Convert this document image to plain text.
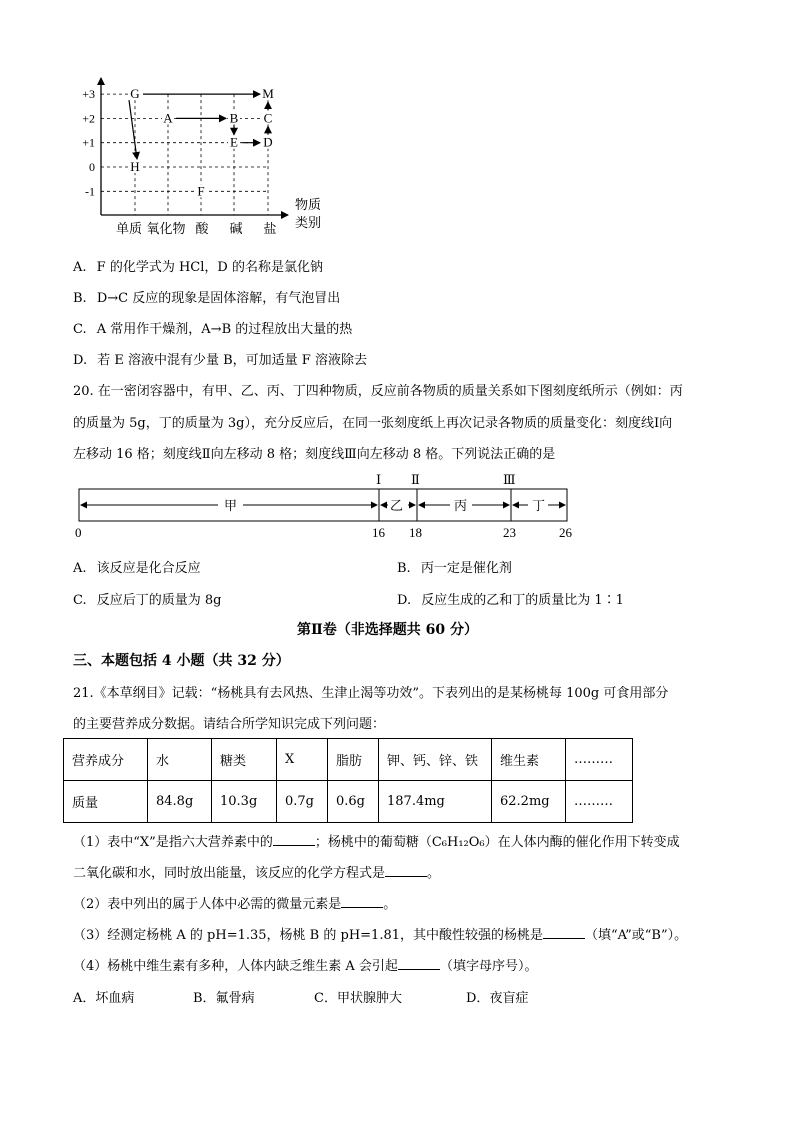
+3
+2
+1
0
-1
单质 氧化物 酸 碱 盐
物质
类别
G	M
A	B C
E D
H
F
A. F 的化学式为 HCl，D 的名称是氯化钠
B. D→C 反应的现象是固体溶解，有气泡冒出
C. A 常用作干燥剂，A→B 的过程放出大量的热
D. 若 E 溶液中混有少量 B，可加适量 F 溶液除去
20. 在一密闭容器中，有甲、乙、丙、丁四种物质，反应前各物质的质量关系如下图刻度纸所示（例如：丙
的质量为 5g，丁的质量为 3g），充分反应后，在同一张刻度纸上再次记录各物质的质量变化：刻度线Ⅰ向
左移动 16 格；刻度线Ⅱ向左移动 8 格；刻度线Ⅲ向左移动 8 格。下列说法正确的是
Ⅰ Ⅱ	Ⅲ
甲	乙	丙	丁
0	16 18	23	26
A. 该反应是化合反应	B. 丙一定是催化剂
C. 反应后丁的质量为 8g	D. 反应生成的乙和丁的质量比为 1∶1
第Ⅱ卷（非选择题共 60 分）
三、本题包括 4 小题（共 32 分）
21.《本草纲目》记载：“杨桃具有去风热、生津止渴等功效”。下表列出的是某杨桃每 100g 可食用部分
的主要营养成分数据。请结合所学知识完成下列问题：
营养成分	水	糖类	X	脂肪	钾、钙、锌、铁	维生素	………
质量	84.8g	10.3g	0.7g	0.6g	187.4mg	62.2mg	………
（1）表中“X”是指六大营养素中的	；杨桃中的葡萄糖（C₆H₁₂O₆）在人体内酶的催化作用下转变成
二氧化碳和水，同时放出能量，该反应的化学方程式是	。
（2）表中列出的属于人体中必需的微量元素是	。
（3）经测定杨桃 A 的 pH=1.35，杨桃 B 的 pH=1.81，其中酸性较强的杨桃是	（填“A”或“B”）。
（4）杨桃中维生素有多种，人体内缺乏维生素 A 会引起	（填字母序号）。
A．坏血病	B．氟骨病	C．甲状腺肿大	D．夜盲症
